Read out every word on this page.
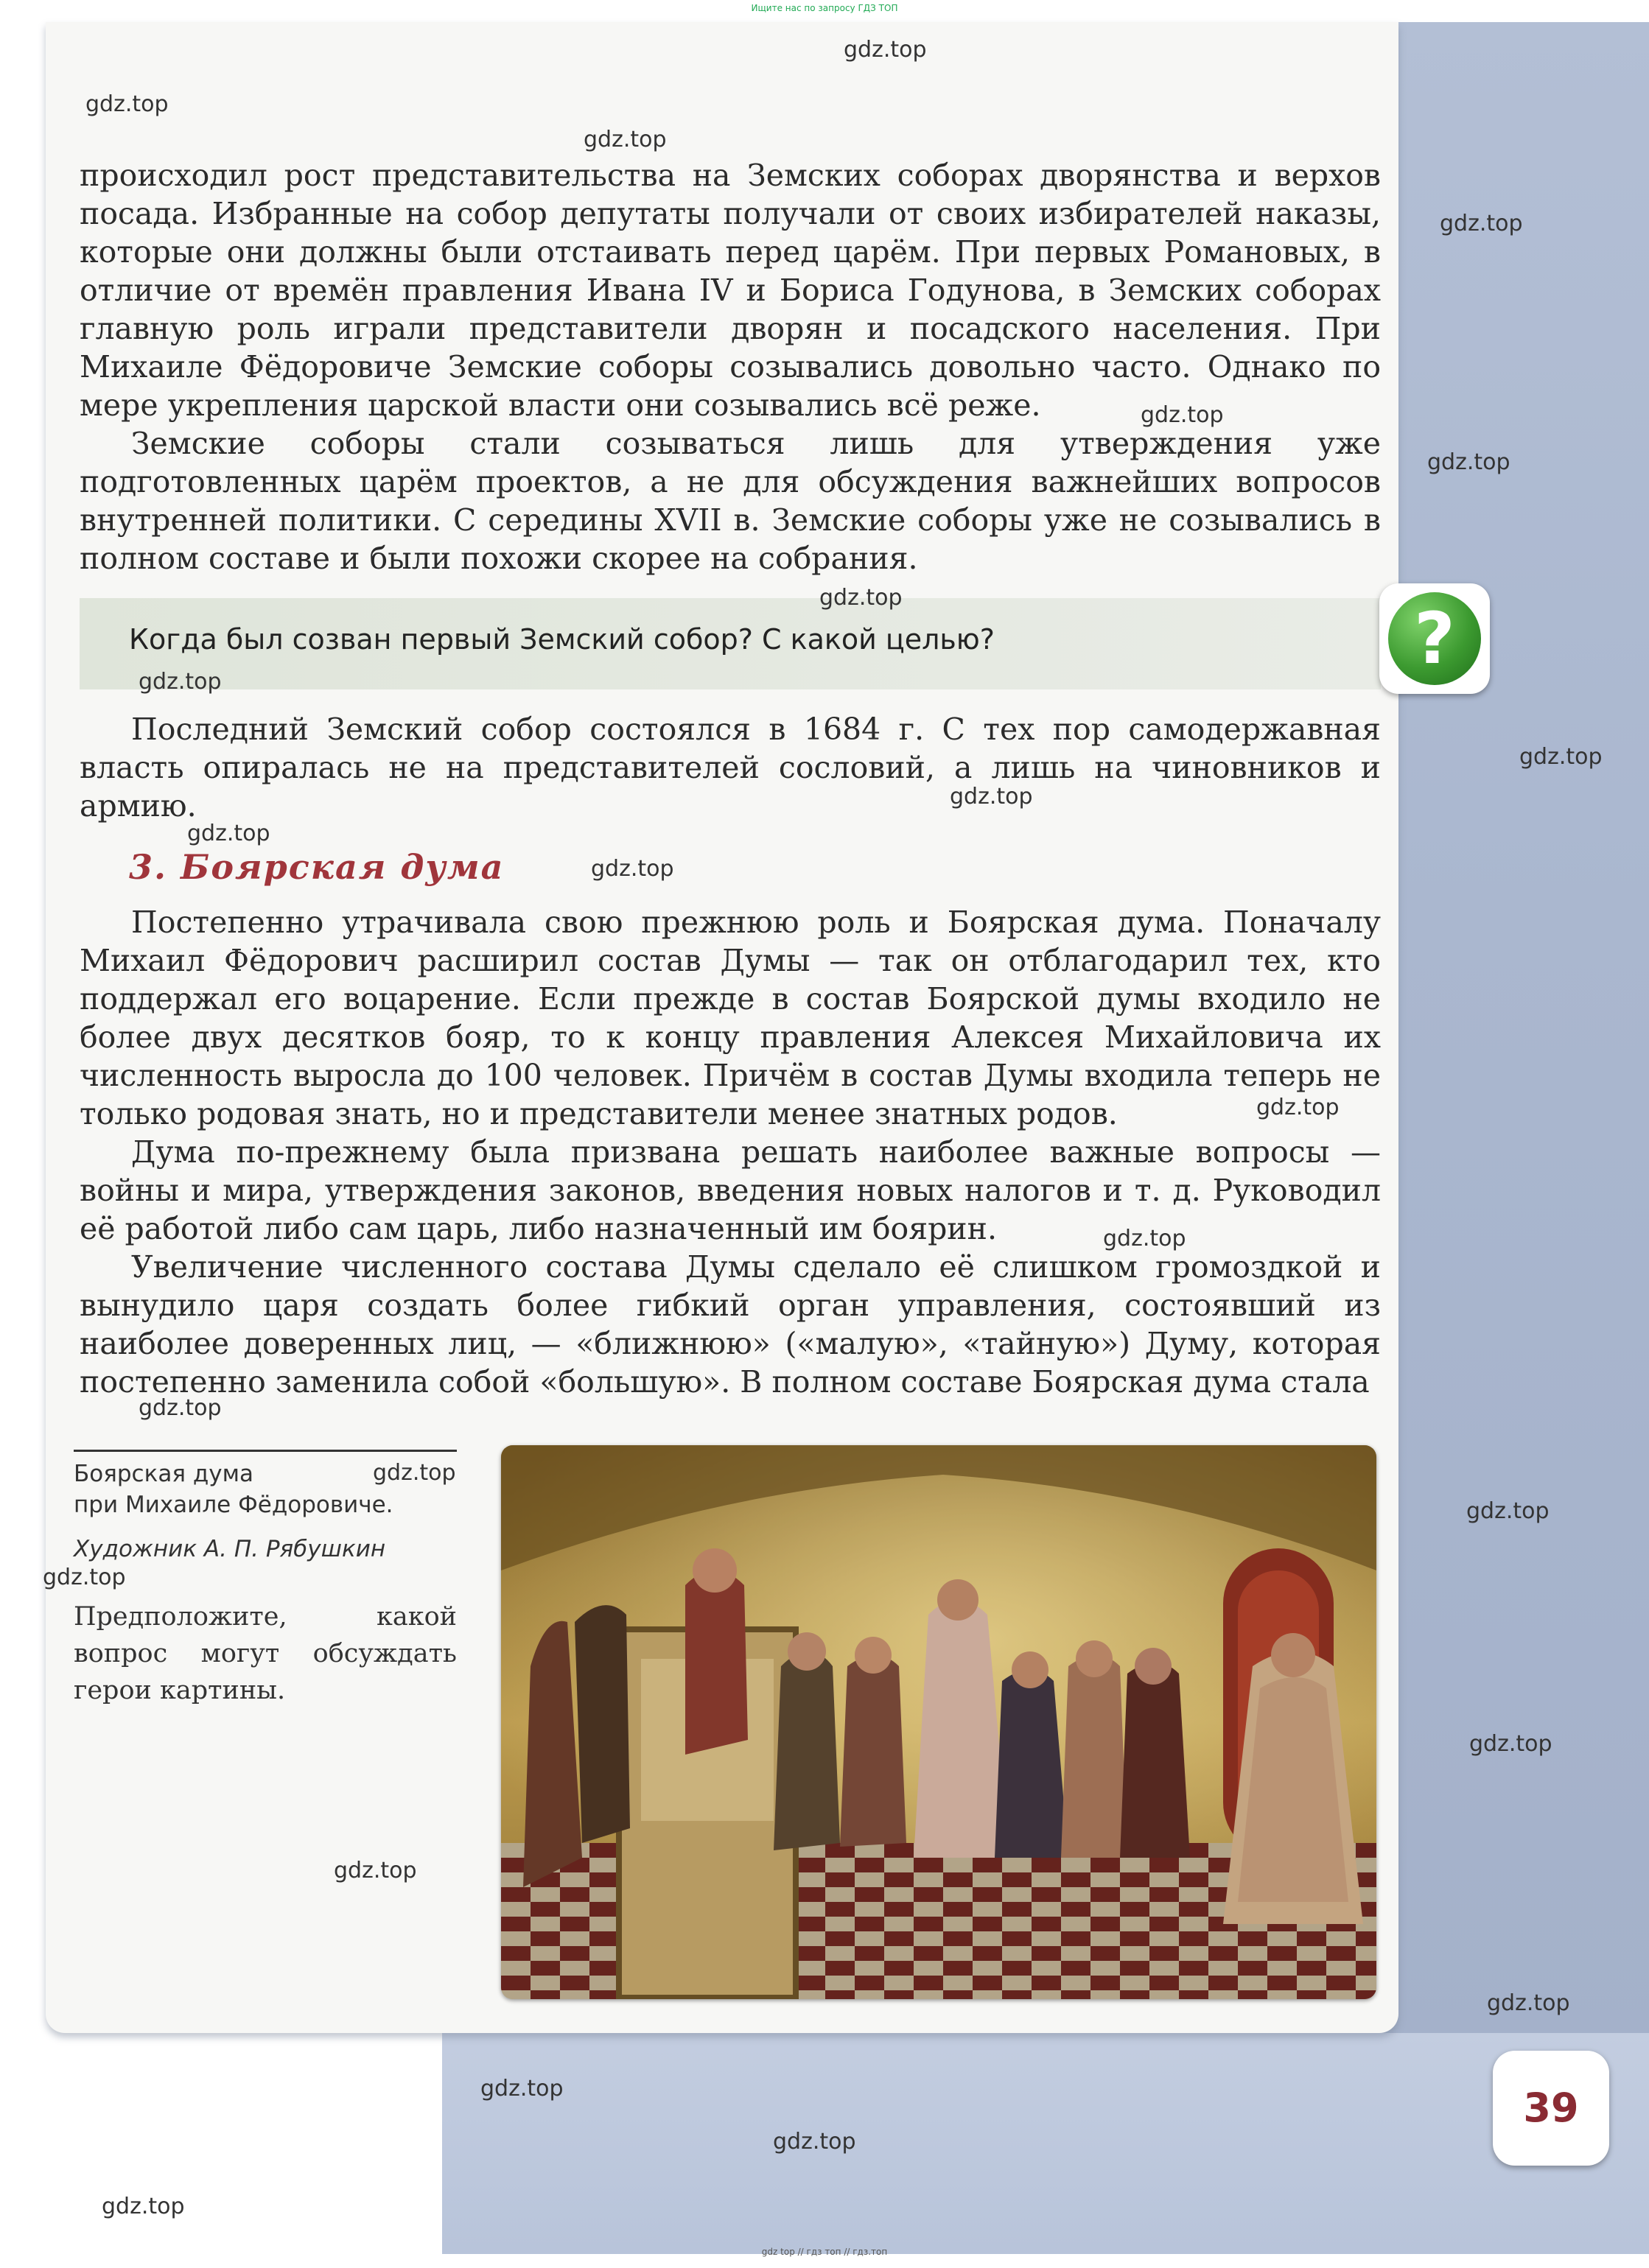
Ищите нас по запросу ГДЗ ТОП

происходил рост представительства на Земских соборах дворянства и верхов посада. Избранные на собор депутаты получали от своих избирателей наказы, которые они должны были отстаивать перед царём. При первых Романовых, в отличие от времён правления Ивана IV и Бориса Годунова, в Земских соборах главную роль играли представители дворян и посадского населения. При Михаиле Фёдоровиче Земские соборы созывались довольно часто. Однако по мере укрепления царской власти они созывались всё реже.

Земские соборы стали созываться лишь для утверждения уже подготовленных царём проектов, а не для обсуждения важнейших вопросов внутренней политики. С середины XVII в. Земские соборы уже не созывались в полном составе и были похожи скорее на собрания.

Когда был созван первый Земский собор? С какой целью?	?

Последний Земский собор состоялся в 1684 г. С тех пор самодержавная власть опиралась не на представителей сословий, а лишь на чиновников и армию.

3. Боярская дума

Постепенно утрачивала свою прежнюю роль и Боярская дума. Поначалу Михаил Фёдорович расширил состав Думы — так он отблагодарил тех, кто поддержал его воцарение. Если прежде в состав Боярской думы входило не более двух десятков бояр, то к концу правления Алексея Михайловича их численность выросла до 100 человек. Причём в состав Думы входила теперь не только родовая знать, но и представители менее знатных родов.

Дума по-прежнему была призвана решать наиболее важные вопросы — войны и мира, утверждения законов, введения новых налогов и т. д. Руководил её работой либо сам царь, либо назначенный им боярин.

Увеличение численного состава Думы сделало её слишком громоздкой и вынудило царя создать более гибкий орган управления, состоявший из наиболее доверенных лиц, — «ближнюю» («малую», «тайную») Думу, которая постепенно заменила собой «большую». В полном составе Боярская дума стала

Боярская дума
при Михаиле Фёдоровиче.
Художник А. П. Рябушкин
Предположите, какой вопрос могут обсуждать герои картины.
39
gdz.top
gdz.top
gdz.top
gdz.top
gdz.top
gdz.top
gdz.top
gdz.top
gdz.top
gdz.top
gdz.top
gdz.top
gdz.top
gdz.top
gdz.top
gdz.top
gdz.top
gdz.top
gdz.top
gdz.top
gdz.top
gdz.top
gdz.top
gdz.top
gdz top // гдз топ // гдз.топ
